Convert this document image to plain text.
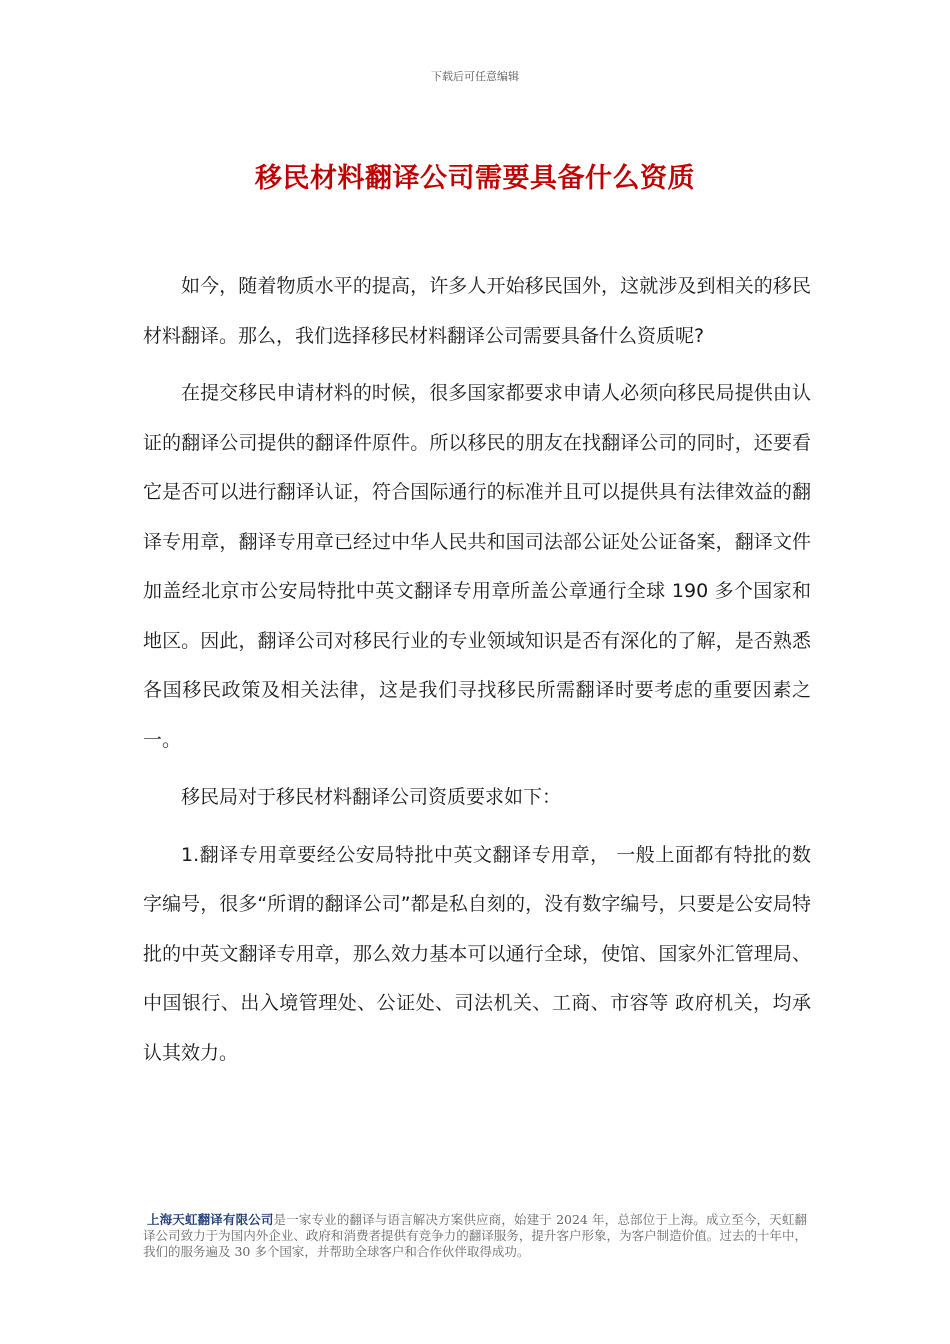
下载后可任意编辑
移民材料翻译公司需要具备什么资质

如今，随着物质水平的提高，许多人开始移民国外，这就涉及到相关的移民材料翻译。那么，我们选择移民材料翻译公司需要具备什么资质呢?

在提交移民申请材料的时候，很多国家都要求申请人必须向移民局提供由认证的翻译公司提供的翻译件原件。所以移民的朋友在找翻译公司的同时，还要看它是否可以进行翻译认证，符合国际通行的标准并且可以提供具有法律效益的翻译专用章，翻译专用章已经过中华人民共和国司法部公证处公证备案，翻译文件加盖经北京市公安局特批中英文翻译专用章所盖公章通行全球 190 多个国家和地区。因此，翻译公司对移民行业的专业领域知识是否有深化的了解，是否熟悉各国移民政策及相关法律，这是我们寻找移民所需翻译时要考虑的重要因素之一。

移民局对于移民材料翻译公司资质要求如下：

1.翻译专用章要经公安局特批中英文翻译专用章， 一般上面都有特批的数字编号，很多“所谓的翻译公司”都是私自刻的，没有数字编号，只要是公安局特批的中英文翻译专用章，那么效力基本可以通行全球，使馆、国家外汇管理局、中国银行、出入境管理处、公证处、司法机关、工商、市容等 政府机关，均承认其效力。

上海天虹翻译有限公司是一家专业的翻译与语言解决方案供应商，始建于 2024 年，总部位于上海。成立至今，天虹翻译公司致力于为国内外企业、政府和消费者提供有竞争力的翻译服务，提升客户形象，为客户制造价值。过去的十年中，我们的服务遍及 30 多个国家，并帮助全球客户和合作伙伴取得成功。
